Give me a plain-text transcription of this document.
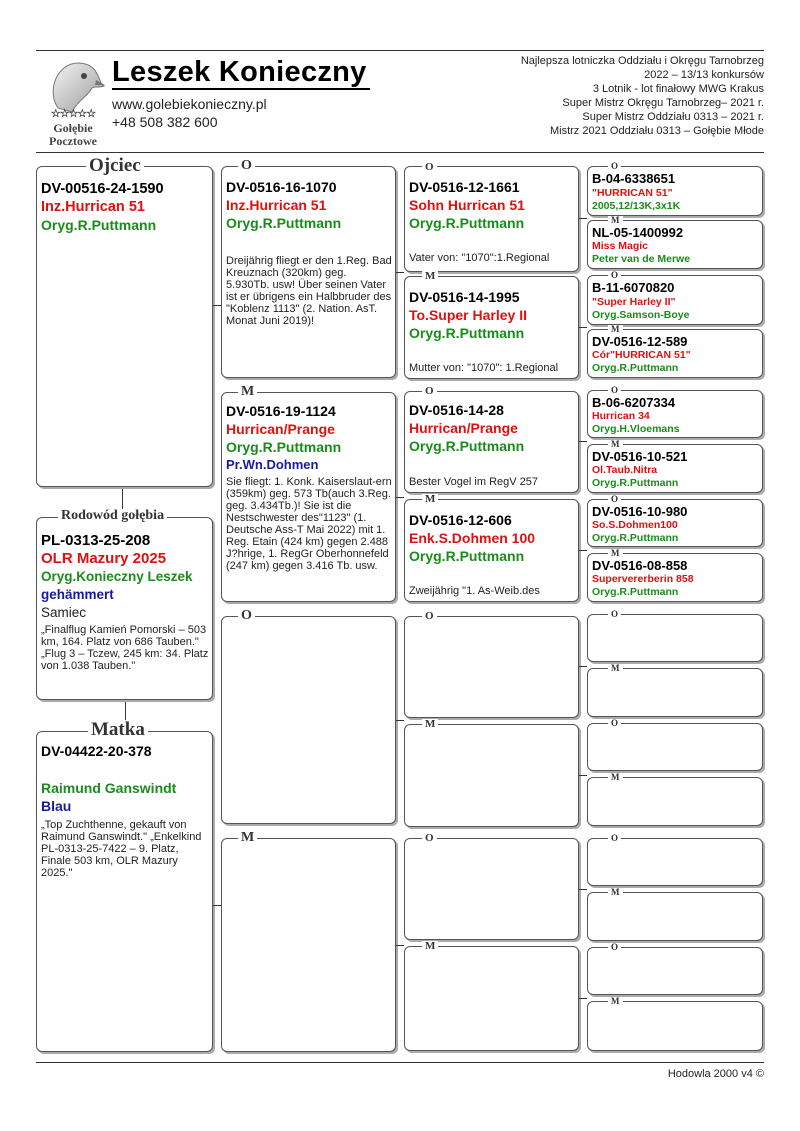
☆☆☆☆☆
Gołębie
Pocztowe
Leszek Konieczny
www.golebiekonieczny.pl
+48 508 382 600
Najlepsza lotniczka Oddziału i Okręgu Tarnobrzeg
2022 – 13/13 konkursów
3 Lotnik - lot finałowy MWG Krakus
Super Mistrz Okręgu Tarnobrzeg– 2021 r.
Super Mistrz Oddziału 0313 – 2021 r.
Mistrz 2021 Oddziału 0313 – Gołębie Młode
DV-00516-24-1590
Inz.Hurrican 51
Oryg.R.Puttmann
Ojciec
PL-0313-25-208
OLR Mazury 2025
Oryg.Konieczny Leszek
gehämmert
Samiec
„Finalflug Kamień Pomorski – 503 km, 164. Platz von 686 Tauben." „Flug 3 – Tczew, 245 km: 34. Platz von 1.038 Tauben."
Rodowód gołębia
DV-04422-20-378
Raimund Ganswindt
Blau
„Top Zuchthenne, gekauft von Raimund Ganswindt." „Enkelkind PL-0313-25-7422 – 9. Platz, Finale 503 km, OLR Mazury 2025."
Matka
DV-0516-16-1070
Inz.Hurrican 51
Oryg.R.Puttmann
Dreijährig fliegt er den 1.Reg. Bad Kreuznach (320km) geg. 5.930Tb. usw! Über seinen Vater ist er übrigens ein Halbbruder des "Koblenz 1113" (2. Nation. AsT. Monat Juni 2019)!
O
DV-0516-19-1124
Hurrican/Prange
Oryg.R.Puttmann
Pr.Wn.Dohmen
Sie fliegt: 1. Konk. Kaiserslaut-ern (359km) geg. 573 Tb(auch 3.Reg. geg. 3.434Tb.)! Sie ist die Nestschwester des"1123" (1. Deutsche Ass-T Mai 2022) mit 1. Reg. Etain (424 km) gegen 2.488 J?hrige, 1. RegGr Oberhonnefeld (247 km) gegen 3.416 Tb. usw.
M
O
M
DV-0516-12-1661
Sohn Hurrican 51
Oryg.R.Puttmann
Vater von: "1070":1.Regional
O
DV-0516-14-1995
To.Super Harley II
Oryg.R.Puttmann
Mutter von: "1070": 1.Regional
M
DV-0516-14-28
Hurrican/Prange
Oryg.R.Puttmann
Bester Vogel im RegV 257
O
DV-0516-12-606
Enk.S.Dohmen 100
Oryg.R.Puttmann
Zweijährig "1. As-Weib.des
M
O
M
O
M
B-04-6338651
"HURRICAN 51"
2005,12/13K,3x1K
O
NL-05-1400992
Miss Magic
Peter van de Merwe
M
B-11-6070820
"Super Harley II"
Oryg.Samson-Boye
O
DV-0516-12-589
Cór"HURRICAN 51"
Oryg.R.Puttmann
M
B-06-6207334
Hurrican 34
Oryg.H.Vloemans
O
DV-0516-10-521
Ol.Taub.Nitra
Oryg.R.Puttmann
M
DV-0516-10-980
So.S.Dohmen100
Oryg.R.Puttmann
O
DV-0516-08-858
Supervererberin 858
Oryg.R.Puttmann
M
O
M
O
M
O
M
O
M
Hodowla 2000 v4 ©
